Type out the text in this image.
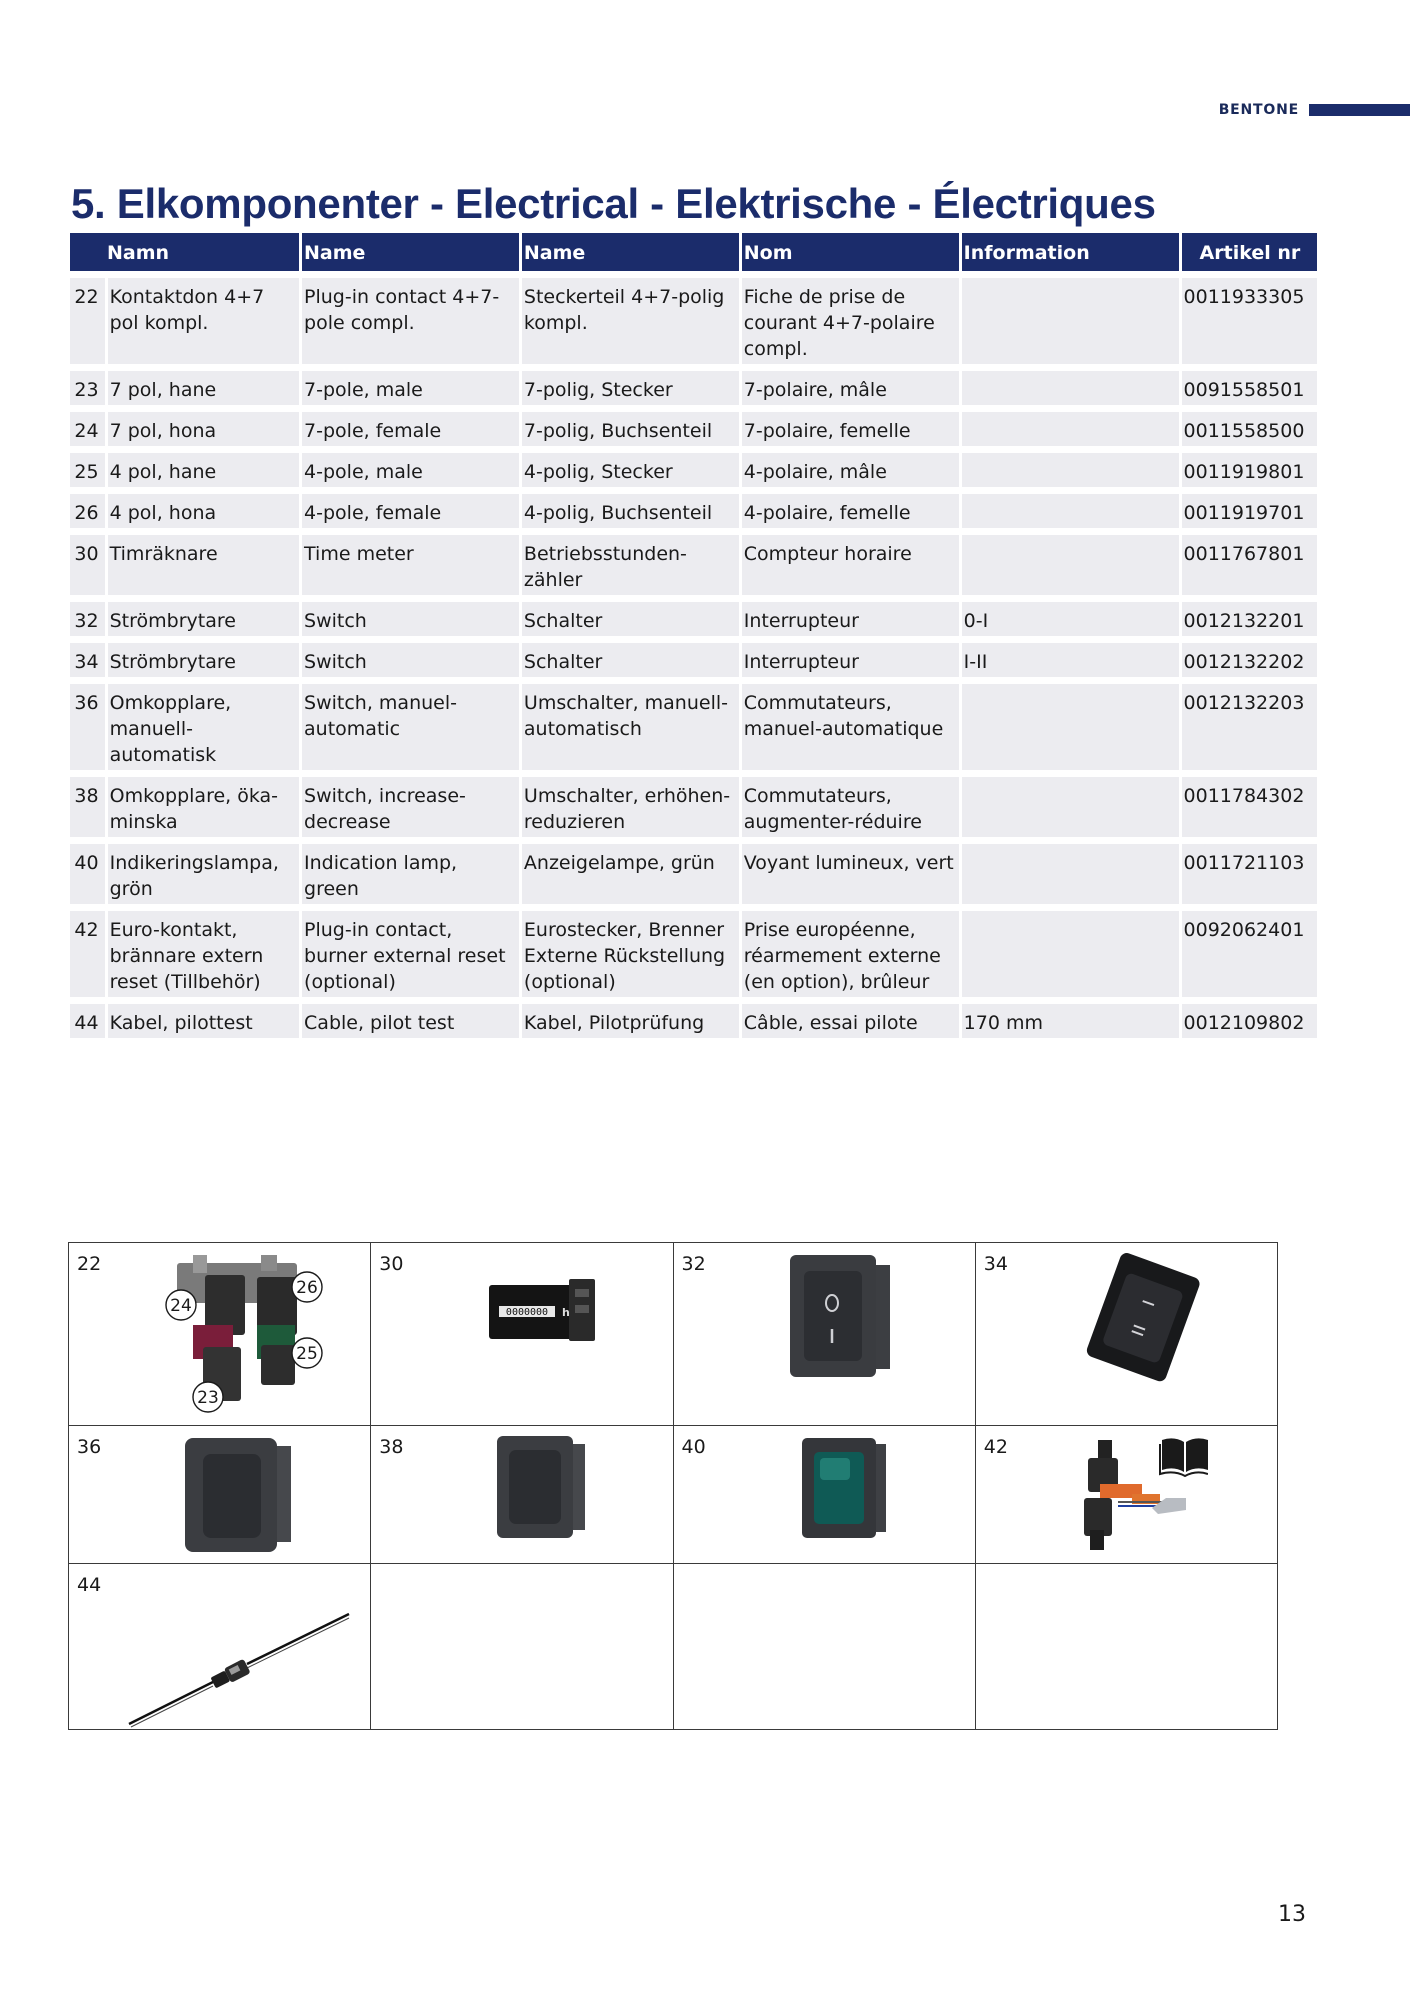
BENTONE
5. Elkomponenter - Electrical - Elektrische - Électriques
Namn		Name	Name	Nom	Information	Artikel nr
22	Kontaktdon 4+7 pol kompl.	Plug-in contact 4+7-pole compl.	Steckerteil 4+7-polig kompl.	Fiche de prise de courant 4+7-polaire compl.		0011933305
23	7 pol, hane	7-pole, male	7-polig, Stecker	7-polaire, mâle		0091558501
24	7 pol, hona	7-pole, female	7-polig, Buchsenteil	7-polaire, femelle		0011558500
25	4 pol, hane	4-pole, male	4-polig, Stecker	4-polaire, mâle		0011919801
26	4 pol, hona	4-pole, female	4-polig, Buchsenteil	4-polaire, femelle		0011919701
30	Timräknare	Time meter	Betriebsstunden-zähler	Compteur horaire		0011767801
32	Strömbrytare	Switch	Schalter	Interrupteur	0-I	0012132201
34	Strömbrytare	Switch	Schalter	Interrupteur	I-II	0012132202
36	Omkopplare, manuell-automatisk	Switch, manuel-automatic	Umschalter, manuell-automatisch	Commutateurs, manuel-automatique		0012132203
38	Omkopplare, öka-minska	Switch, increase-decrease	Umschalter, erhöhen-reduzieren	Commutateurs, augmenter-réduire		0011784302
40	Indikeringslampa, grön	Indication lamp, green	Anzeigelampe, grün	Voyant lumineux, vert		0011721103
42	Euro-kontakt, brännare extern reset (Tillbehör)	Plug-in contact, burner external reset (optional)	Eurostecker, Brenner Externe Rückstellung (optional)	Prise européenne, réarmement externe (en option), brûleur		0092062401
44	Kabel, pilottest	Cable, pilot test	Kabel, Pilotprüfung	Câble, essai pilote	170 mm	0012109802
22
24
26
25
23	30
0000000 h	32	34

36	38	40	42

44			

13
